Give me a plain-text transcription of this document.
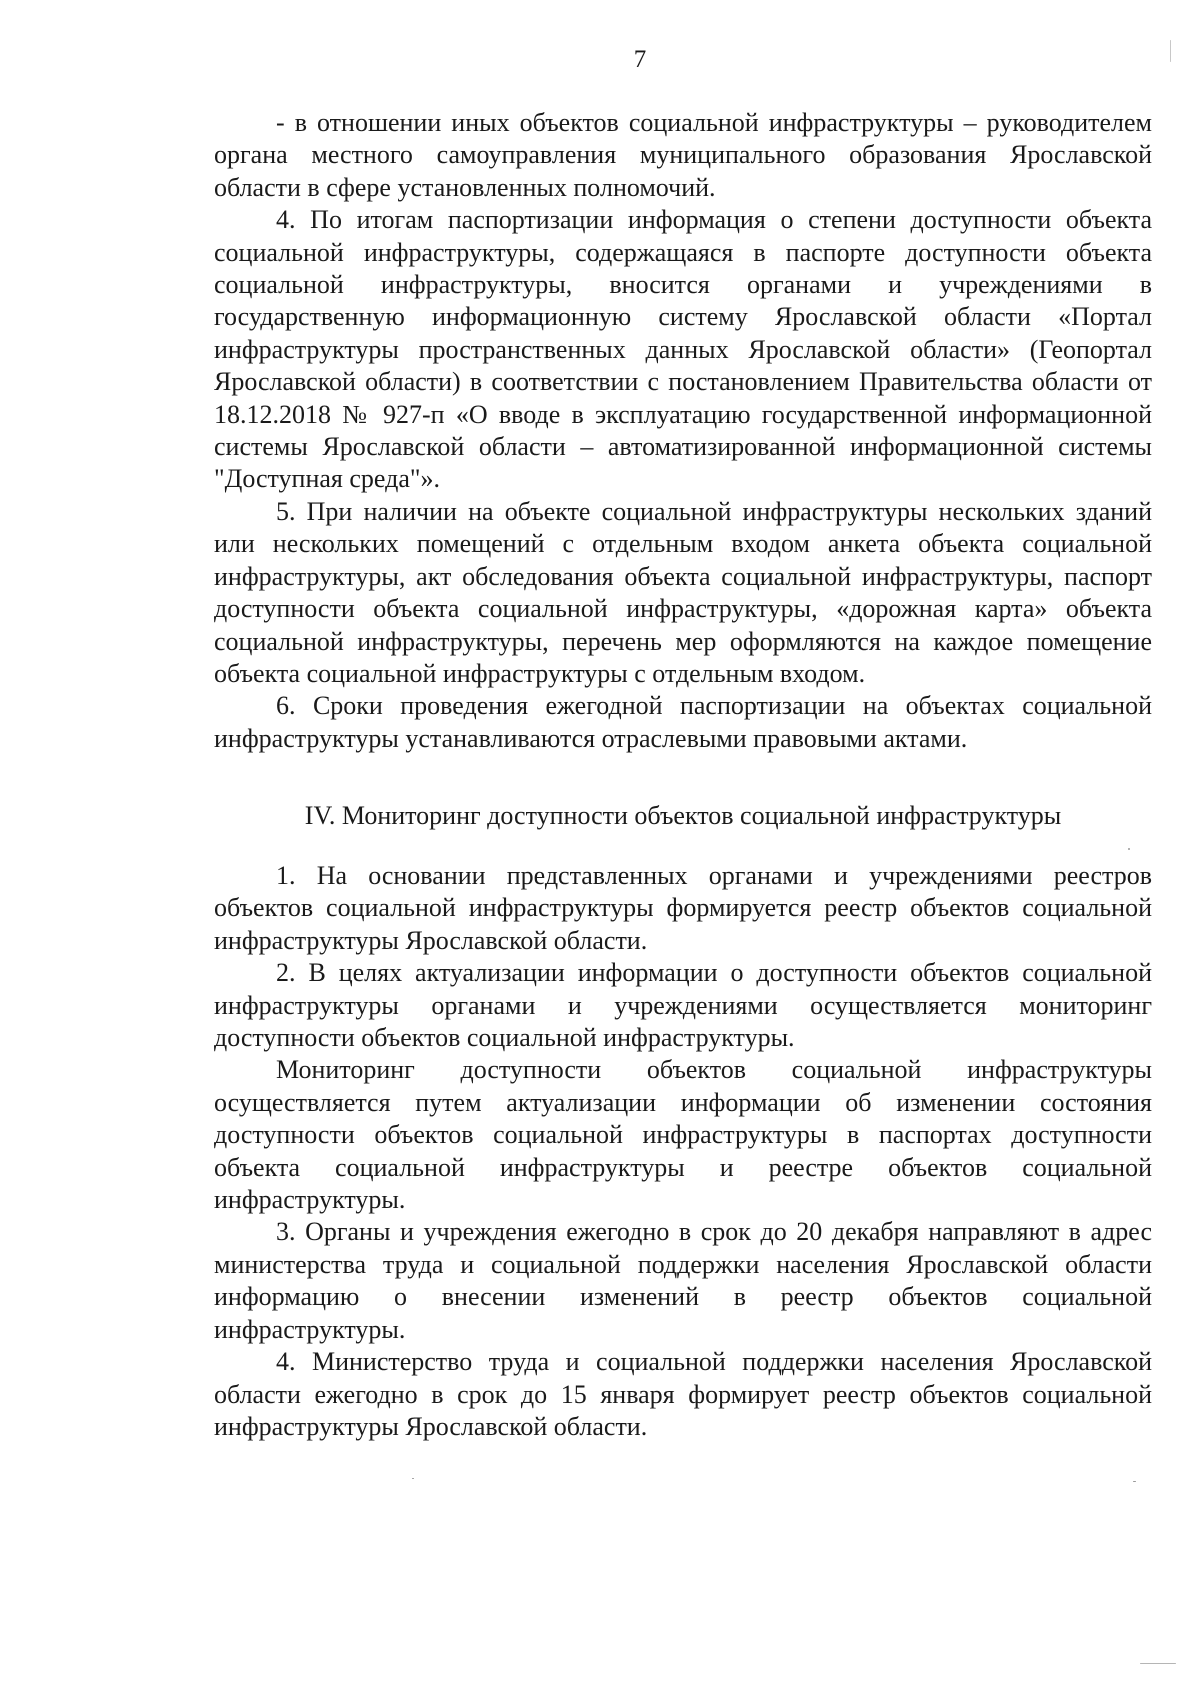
7

- в отношении иных объектов социальной инфраструктуры – руководителем органа местного самоуправления муниципального образования Ярославской области в сфере установленных полномочий.

4. По итогам паспортизации информация о степени доступности объекта социальной инфраструктуры, содержащаяся в паспорте доступности объекта социальной инфраструктуры, вносится органами и учреждениями в государственную информационную систему Ярославской области «Портал инфраструктуры пространственных данных Ярославской области» (Геопортал Ярославской области) в соответствии с постановлением Правительства области от 18.12.2018 № 927-п «О вводе в эксплуатацию государственной информационной системы Ярославской области – автоматизированной информационной системы "Доступная среда"».

5. При наличии на объекте социальной инфраструктуры нескольких зданий или нескольких помещений с отдельным входом анкета объекта социальной инфраструктуры, акт обследования объекта социальной инфраструктуры, паспорт доступности объекта социальной инфраструктуры, «дорожная карта» объекта социальной инфраструктуры, перечень мер оформляются на каждое помещение объекта социальной инфраструктуры с отдельным входом.

6. Сроки проведения ежегодной паспортизации на объектах социальной инфраструктуры устанавливаются отраслевыми правовыми актами.

IV. Мониторинг доступности объектов социальной инфраструктуры

1. На основании представленных органами и учреждениями реестров объектов социальной инфраструктуры формируется реестр объектов социальной инфраструктуры Ярославской области.

2. В целях актуализации информации о доступности объектов социальной инфраструктуры органами и учреждениями осуществляется мониторинг доступности объектов социальной инфраструктуры.

Мониторинг доступности объектов социальной инфраструктуры осуществляется путем актуализации информации об изменении состояния доступности объектов социальной инфраструктуры в паспортах доступности объекта социальной инфраструктуры и реестре объектов социальной инфраструктуры.

3. Органы и учреждения ежегодно в срок до 20 декабря направляют в адрес министерства труда и социальной поддержки населения Ярославской области информацию о внесении изменений в реестр объектов социальной инфраструктуры.

4. Министерство труда и социальной поддержки населения Ярославской области ежегодно в срок до 15 января формирует реестр объектов социальной инфраструктуры Ярославской области.
